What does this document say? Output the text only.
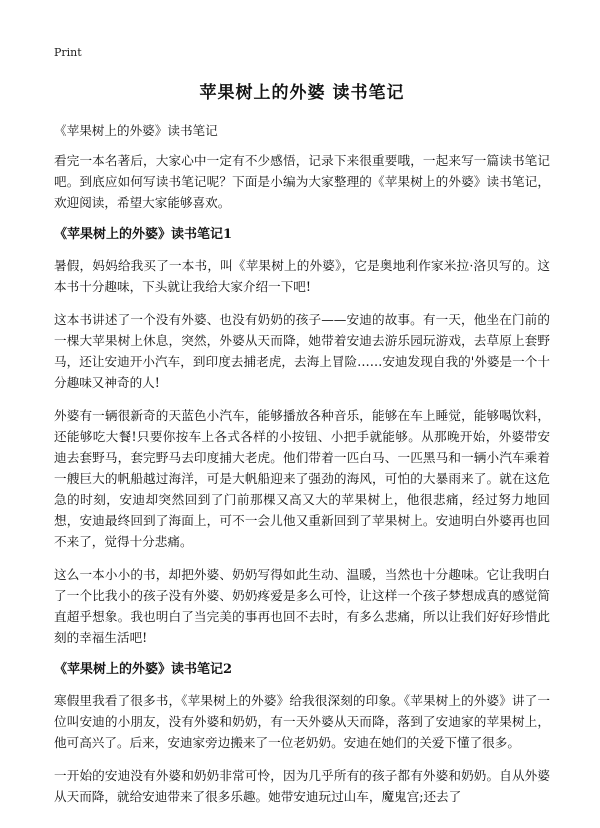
Print
苹果树上的外婆 读书笔记

《苹果树上的外婆》读书笔记

看完一本名著后，大家心中一定有不少感悟，记录下来很重要哦，一起来写一篇读书笔记吧。到底应如何写读书笔记呢？下面是小编为大家整理的《苹果树上的外婆》读书笔记，欢迎阅读，希望大家能够喜欢。

《苹果树上的外婆》读书笔记1

暑假，妈妈给我买了一本书，叫《苹果树上的外婆》，它是奥地利作家米拉·洛贝写的。这本书十分趣味，下头就让我给大家介绍一下吧!

这本书讲述了一个没有外婆、也没有奶奶的孩子——安迪的故事。有一天，他坐在门前的一棵大苹果树上休息，突然，外婆从天而降，她带着安迪去游乐园玩游戏，去草原上套野马，还让安迪开小汽车，到印度去捕老虎，去海上冒险……安迪发现自我的'外婆是一个十分趣味又神奇的人!

外婆有一辆很新奇的天蓝色小汽车，能够播放各种音乐，能够在车上睡觉，能够喝饮料，还能够吃大餐!只要你按车上各式各样的小按钮、小把手就能够。从那晚开始，外婆带安迪去套野马，套完野马去印度捕大老虎。他们带着一匹白马、一匹黑马和一辆小汽车乘着一艘巨大的帆船越过海洋，可是大帆船迎来了强劲的海风，可怕的大暴雨来了。就在这危急的时刻，安迪却突然回到了门前那棵又高又大的苹果树上，他很悲痛，经过努力地回想，安迪最终回到了海面上，可不一会儿他又重新回到了苹果树上。安迪明白外婆再也回不来了，觉得十分悲痛。

这么一本小小的书，却把外婆、奶奶写得如此生动、温暖，当然也十分趣味。它让我明白了一个比我小的孩子没有外婆、奶奶疼爱是多么可怜，让这样一个孩子梦想成真的感觉简直超乎想象。我也明白了当完美的事再也回不去时，有多么悲痛，所以让我们好好珍惜此刻的幸福生活吧!

《苹果树上的外婆》读书笔记2

寒假里我看了很多书，《苹果树上的外婆》给我很深刻的印象。《苹果树上的外婆》讲了一位叫安迪的小朋友，没有外婆和奶奶，有一天外婆从天而降，落到了安迪家的苹果树上，他可高兴了。后来，安迪家旁边搬来了一位老奶奶。安迪在她们的关爱下懂了很多。

一开始的安迪没有外婆和奶奶非常可怜，因为几乎所有的孩子都有外婆和奶奶。自从外婆从天而降，就给安迪带来了很多乐趣。她带安迪玩过山车，魔鬼宫;还去了
